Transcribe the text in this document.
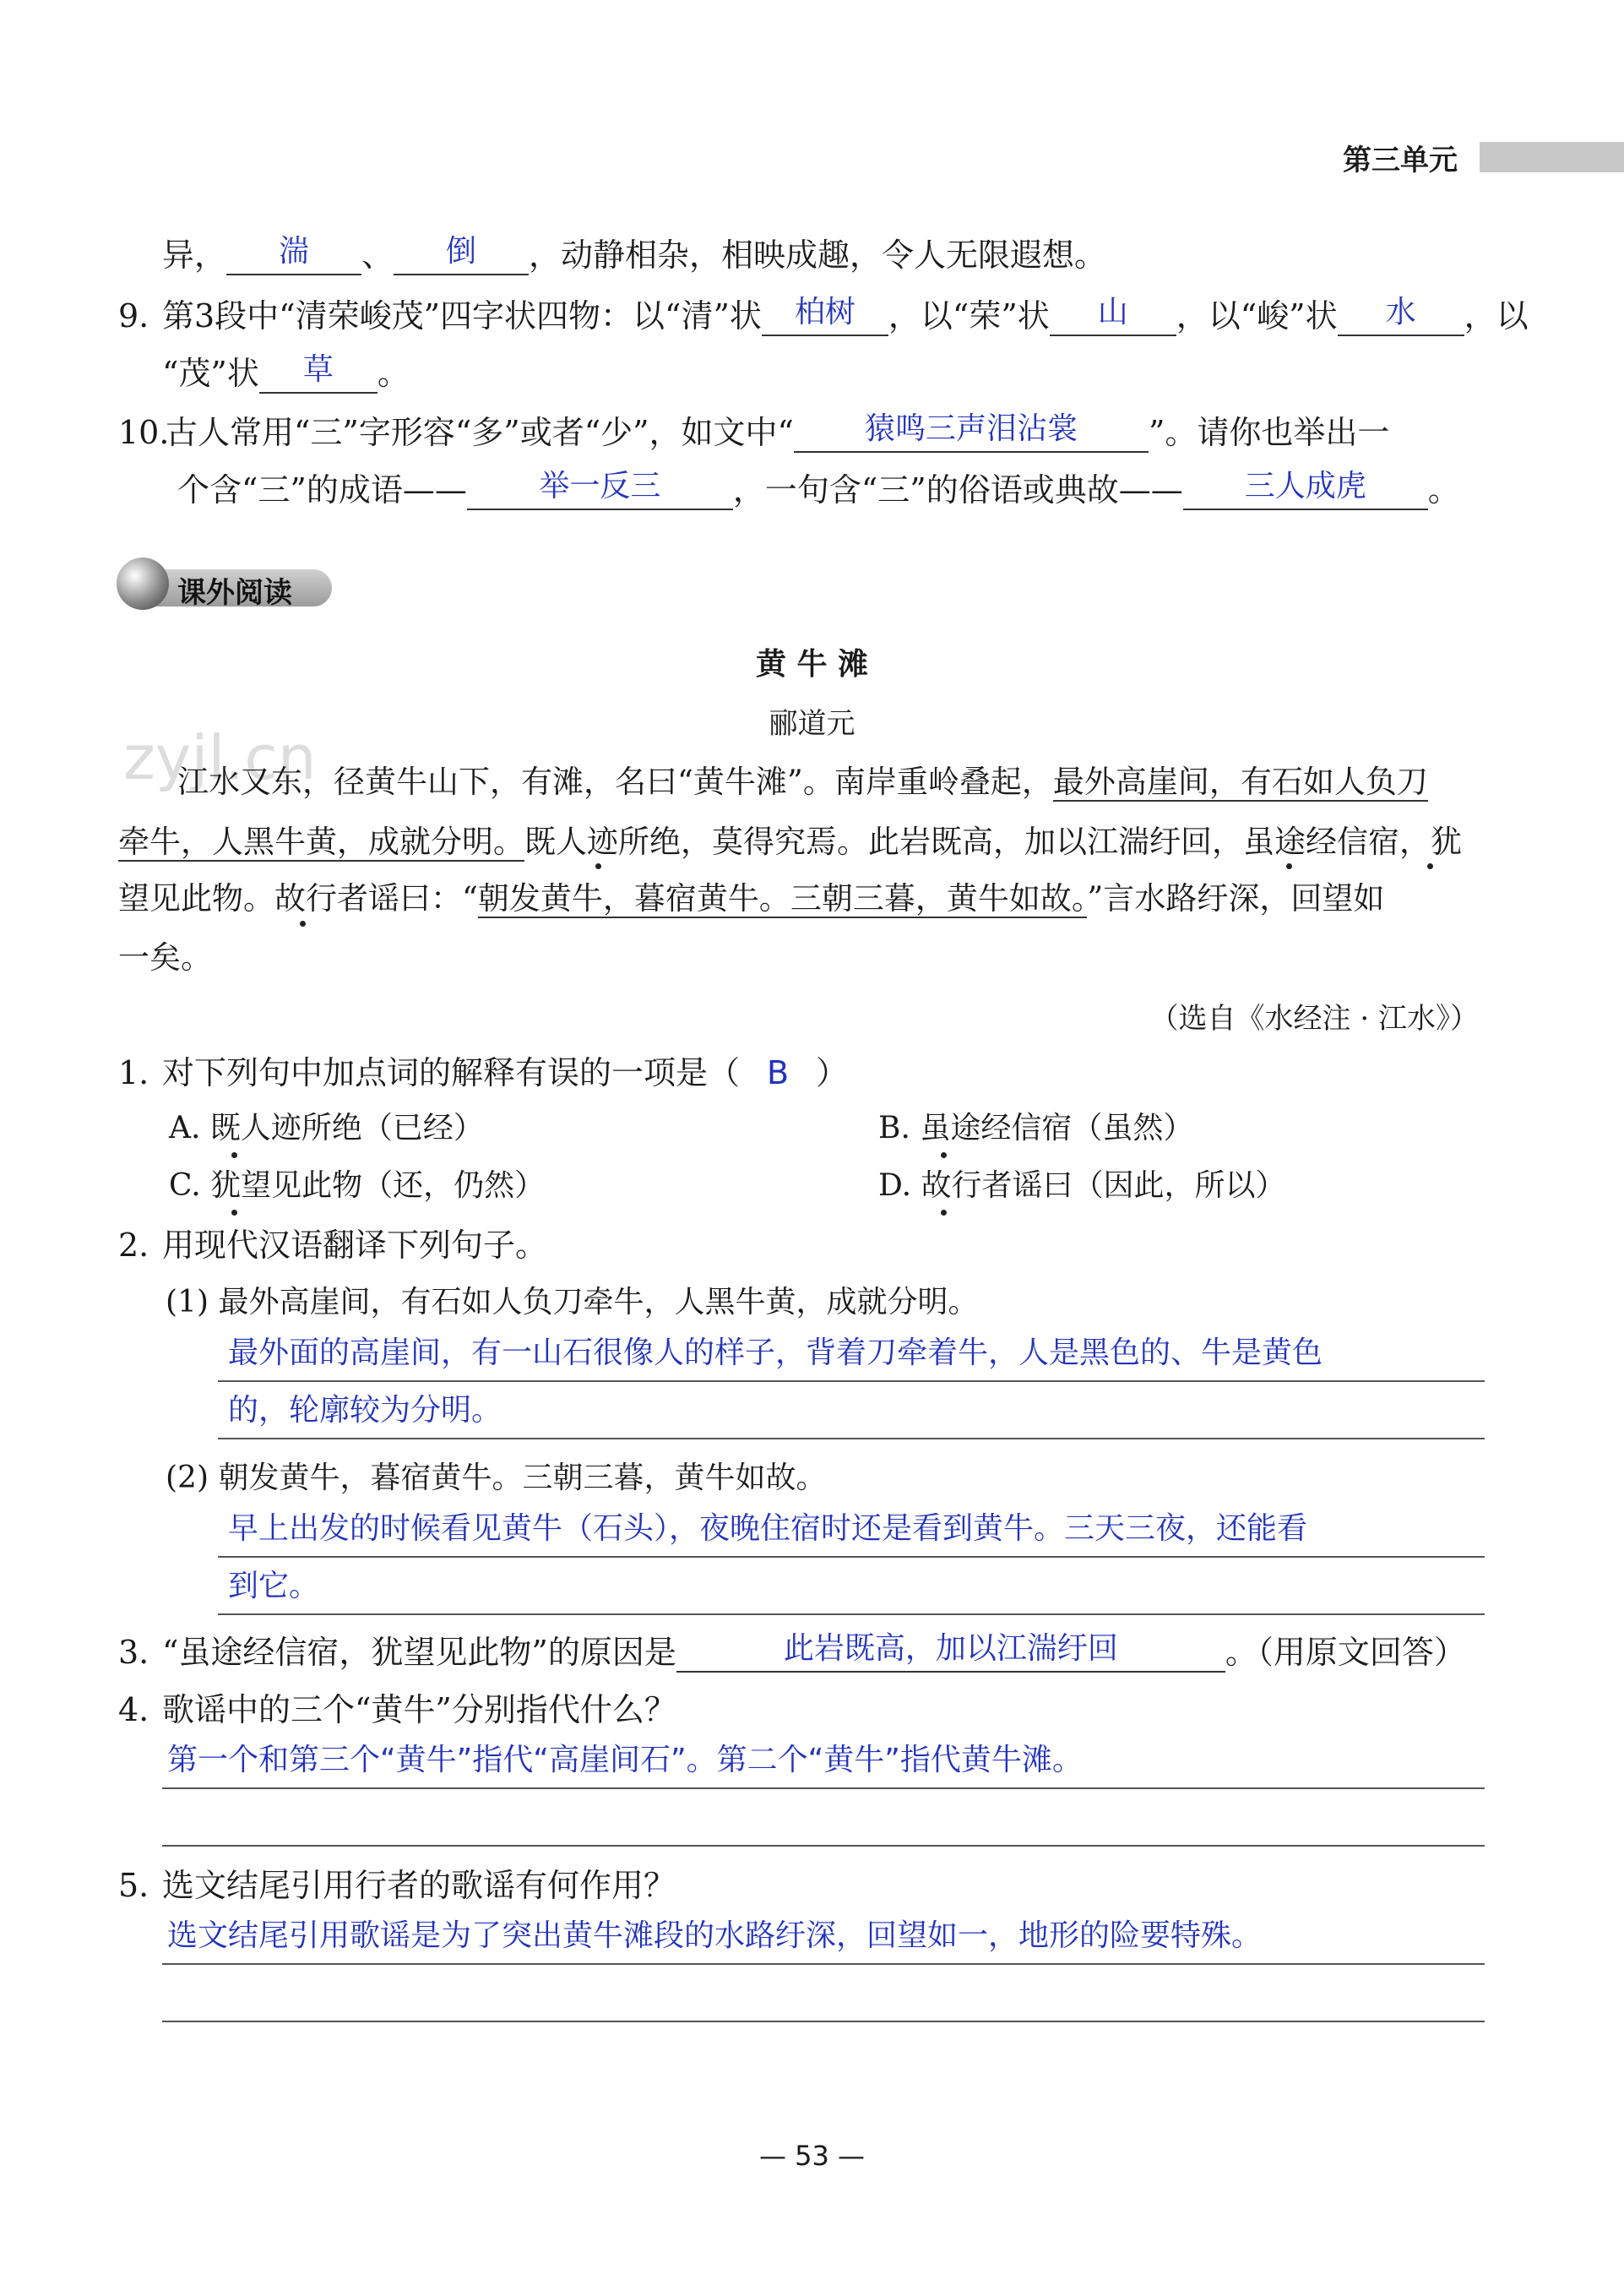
第三单元
异， 湍 、 倒 ，动静相杂，相映成趣，令人无限遐想。
9. 第3段中“清荣峻茂”四字状四物：以“清”状 柏树 ，以“荣”状 山 ，以“峻”状 水 ，以
“茂”状 草 。
10.古人常用“三”字形容“多”或者“少”，如文中“ 猿鸣三声泪沾裳 ”。请你也举出一
个含“三”的成语—— 举一反三 ，一句含“三”的俗语或典故—— 三人成虎 。
课外阅读
黄 牛 滩
郦道元
zyjl.cn
江水又东，径黄牛山下，有滩，名曰“黄牛滩”。南岸重岭叠起，最外高崖间，有石如人负刀
牵牛，人黑牛黄，成就分明。既人迹所绝，莫得究焉。此岩既高，加以江湍纡回，虽途经信宿，犹
望见此物。故行者谣曰：“朝发黄牛，暮宿黄牛。三朝三暮，黄牛如故。”言水路纡深，回望如
一矣。
（选自《水经注 · 江水》）
1. 对下列句中加点词的解释有误的一项是（ B ）
A. 既人迹所绝（已经）	B. 虽途经信宿（虽然）
C. 犹望见此物（还，仍然）	D. 故行者谣曰（因此，所以）
2. 用现代汉语翻译下列句子。
(1) 最外高崖间，有石如人负刀牵牛，人黑牛黄，成就分明。
最外面的高崖间，有一山石很像人的样子，背着刀牵着牛，人是黑色的、牛是黄色
的，轮廓较为分明。
(2) 朝发黄牛，暮宿黄牛。三朝三暮，黄牛如故。
早上出发的时候看见黄牛（石头），夜晚住宿时还是看到黄牛。三天三夜，还能看
到它。
3. “虽途经信宿，犹望见此物”的原因是	此岩既高，加以江湍纡回	。（用原文回答）
4. 歌谣中的三个“黄牛”分别指代什么？
第一个和第三个“黄牛”指代“高崖间石”。第二个“黄牛”指代黄牛滩。
5. 选文结尾引用行者的歌谣有何作用？
选文结尾引用歌谣是为了突出黄牛滩段的水路纡深，回望如一，地形的险要特殊。
— 53 —
